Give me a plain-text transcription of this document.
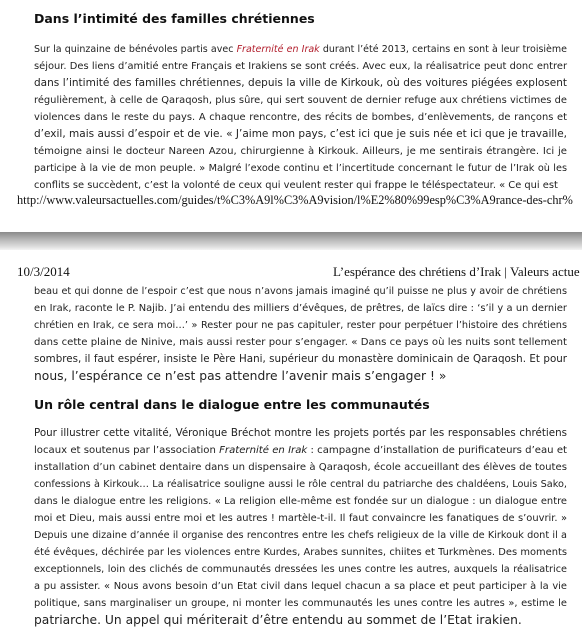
Dans l’intimité des familles chrétiennes
Sur la quinzaine de bénévoles partis avec Fraternité en Irak durant l’été 2013, certains en sont à leur troisième
séjour. Des liens d’amitié entre Français et Irakiens se sont créés. Avec eux, la réalisatrice peut donc entrer
dans l’intimité des familles chrétiennes, depuis la ville de Kirkouk, où des voitures piégées explosent
régulièrement, à celle de Qaraqosh, plus sûre, qui sert souvent de dernier refuge aux chrétiens victimes de
violences dans le reste du pays. A chaque rencontre, des récits de bombes, d’enlèvements, de rançons et
d’exil, mais aussi d’espoir et de vie. « J’aime mon pays, c’est ici que je suis née et ici que je travaille,
témoigne ainsi le docteur Nareen Azou, chirurgienne à Kirkouk. Ailleurs, je me sentirais étrangère. Ici je
participe à la vie de mon peuple. » Malgré l’exode continu et l’incertitude concernant le futur de l’Irak où les
conflits se succèdent, c’est la volonté de ceux qui veulent rester qui frappe le téléspectateur. « Ce qui est
http://www.valeursactuelles.com/guides/t%C3%A9l%C3%A9vision/l%E2%80%99esp%C3%A9rance-des-chr%
10/3/2014	L’espérance des chrétiens d’Irak | Valeurs actue
beau et qui donne de l’espoir c’est que nous n’avons jamais imaginé qu’il puisse ne plus y avoir de chrétiens
en Irak, raconte le P. Najib. J’ai entendu des milliers d’évêques, de prêtres, de laïcs dire : ‘s’il y a un dernier
chrétien en Irak, ce sera moi…’ » Rester pour ne pas capituler, rester pour perpétuer l’histoire des chrétiens
dans cette plaine de Ninive, mais aussi rester pour s’engager. « Dans ce pays où les nuits sont tellement
sombres, il faut espérer, insiste le Père Hani, supérieur du monastère dominicain de Qaraqosh. Et pour
nous, l’espérance ce n’est pas attendre l’avenir mais s’engager ! »
Un rôle central dans le dialogue entre les communautés
Pour illustrer cette vitalité, Véronique Bréchot montre les projets portés par les responsables chrétiens
locaux et soutenus par l’association Fraternité en Irak : campagne d’installation de purificateurs d’eau et
installation d’un cabinet dentaire dans un dispensaire à Qaraqosh, école accueillant des élèves de toutes
confessions à Kirkouk… La réalisatrice souligne aussi le rôle central du patriarche des chaldéens, Louis Sako,
dans le dialogue entre les religions. « La religion elle-même est fondée sur un dialogue : un dialogue entre
moi et Dieu, mais aussi entre moi et les autres ! martèle-t-il. Il faut convaincre les fanatiques de s’ouvrir. »
Depuis une dizaine d’année il organise des rencontres entre les chefs religieux de la ville de Kirkouk dont il a
été évêques, déchirée par les violences entre Kurdes, Arabes sunnites, chiites et Turkmènes. Des moments
exceptionnels, loin des clichés de communautés dressées les unes contre les autres, auxquels la réalisatrice
a pu assister. « Nous avons besoin d’un Etat civil dans lequel chacun a sa place et peut participer à la vie
politique, sans marginaliser un groupe, ni monter les communautés les unes contre les autres », estime le
patriarche. Un appel qui mériterait d’être entendu au sommet de l’Etat irakien.
